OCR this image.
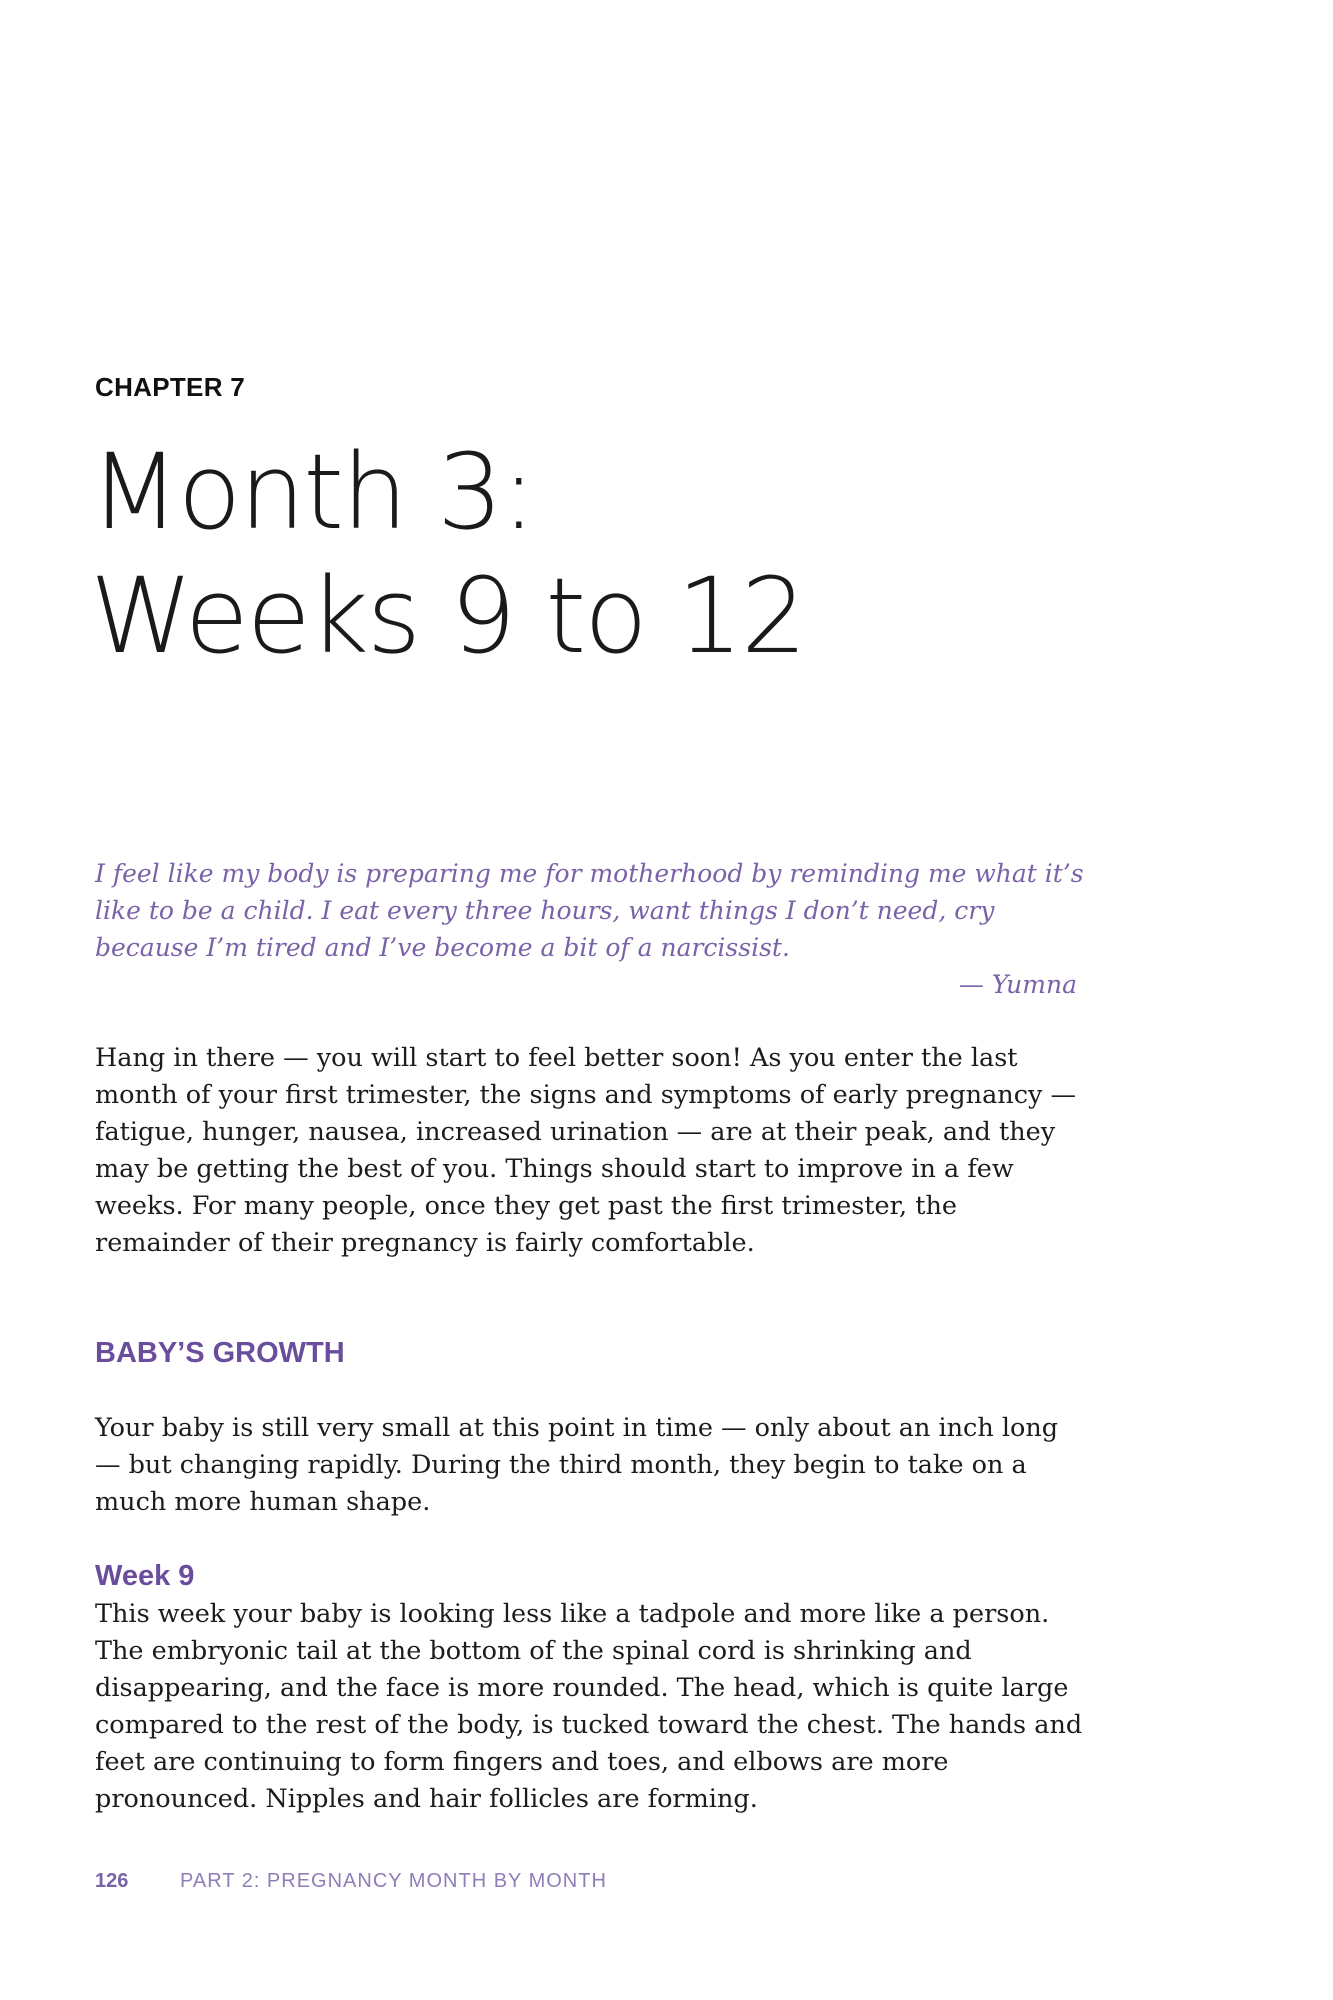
CHAPTER 7
Month 3:
Weeks 9 to 12
I feel like my body is preparing me for motherhood by reminding me what it’s like to be a child. I eat every three hours, want things I don’t need, cry because I’m tired and I’ve become a bit of a narcissist.
— Yumna

Hang in there — you will start to feel better soon! As you enter the last month of your first trimester, the signs and symptoms of early pregnancy — fatigue, hunger, nausea, increased urination — are at their peak, and they may be getting the best of you. Things should start to improve in a few weeks. For many people, once they get past the first trimester, the remainder of their pregnancy is fairly comfortable.

BABY’S GROWTH

Your baby is still very small at this point in time — only about an inch long — but changing rapidly. During the third month, they begin to take on a much more human shape.

Week 9

This week your baby is looking less like a tadpole and more like a person. The embryonic tail at the bottom of the spinal cord is shrinking and disappearing, and the face is more rounded. The head, which is quite large compared to the rest of the body, is tucked toward the chest. The hands and feet are continuing to form fingers and toes, and elbows are more pronounced. Nipples and hair follicles are forming.

126	PART 2: PREGNANCY MONTH BY MONTH
